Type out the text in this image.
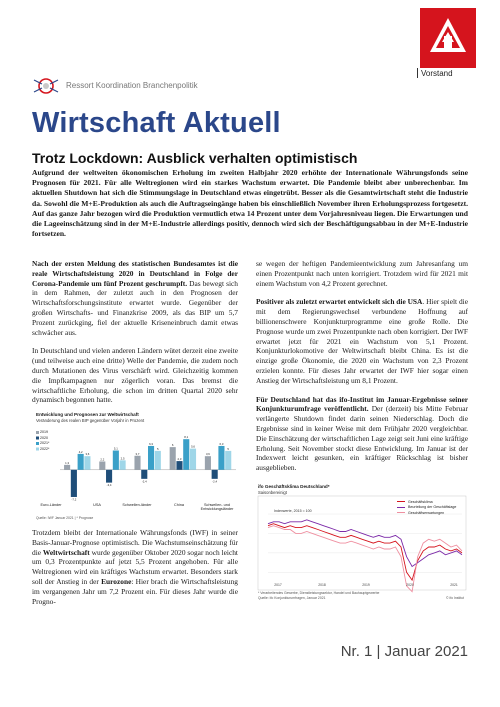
Vorstand
Ressort Koordination Branchenpolitik
Wirtschaft Aktuell
Trotz Lockdown: Ausblick verhalten optimistisch
Aufgrund der weltweiten ökonomischen Erholung im zweiten Halbjahr 2020 erhöhte der Internationale Währungsfonds seine Prognosen für 2021. Für alle Weltregionen wird ein starkes Wachstum erwartet. Die Pandemie bleibt aber unberechenbar. Im aktuellen Shutdown hat sich die Stimmungslage in Deutschland etwas eingetrübt. Besser als die Gesamtwirtschaft steht die Industrie da. Sowohl die M+E-Produktion als auch die Auftragseingänge haben bis einschließlich November ihren Erholungsprozess fortgesetzt. Auf das ganze Jahr bezogen wird die Produktion vermutlich etwa 14 Prozent unter dem Vorjahresniveau liegen. Die Erwartungen und die Lageeinschätzung sind in der M+E-Industrie allerdings positiv, dennoch wird sich der Beschäftigungsabbau in der M+E-Industrie fortsetzen.

Nach der ersten Meldung des statistischen Bundesamtes ist die reale Wirtschaftsleistung 2020 in Deutschland in Folge der Corona-Pandemie um fünf Prozent geschrumpft. Das bewegt sich in dem Rahmen, der zuletzt auch in den Prognosen der Wirtschaftsforschungsinstitute erwartet wurde. Gegenüber der großen Wirtschafts- und Finanzkrise 2009, als das BIP um 5,7 Prozent zurückging, fiel der aktuelle Kriseneinbruch damit etwas schwächer aus.

In Deutschland und vielen anderen Ländern wütet derzeit eine zweite (und teilweise auch eine dritte) Welle der Pandemie, die zudem noch durch Mutationen des Virus verschärft wird. Gleichzeitig kommen die Impfkampagnen nur zögerlich voran. Das bremst die wirtschaftliche Erholung, die schon im dritten Quartal 2020 sehr dynamisch begonnen hatte.

Entwicklung und Prognosen zur Weltwirtschaft
Veränderung des realen BIP gegenüber Vorjahr in Prozent
1,3
2,2
3,7
6
3,6
-7,2
-3,4
-2,4
2,3
-2,4
4,2
5,1
6,3
8,1
6,3
3,6
2,5
5
5,6
5
2019
2020
2021*
2022*
Euro-Länder	USA	Schwellen-länder	China	Schwellen- und Entwicklungsländer
Quelle: IWF Januar 2021 | * Prognose

Trotzdem bleibt der Internationale Währungsfonds (IWF) in seiner Basis-Januar-Prognose optimistisch. Die Wachstumseinschätzung für die Weltwirtschaft wurde gegenüber Oktober 2020 sogar noch leicht um 0,3 Prozentpunkte auf jetzt 5,5 Prozent angehoben. Für alle Weltregionen wird ein kräftiges Wachstum erwartet. Besonders stark soll der Anstieg in der Eurozone: Hier brach die Wirtschaftsleistung im vergangenen Jahr um 7,2 Prozent ein. Für dieses Jahr wurde die Progno-

se wegen der heftigen Pandemieentwicklung zum Jahresanfang um einen Prozentpunkt nach unten korrigiert. Trotzdem wird für 2021 mit einem Wachstum von 4,2 Prozent gerechnet.

Positiver als zuletzt erwartet entwickelt sich die USA. Hier spielt die mit dem Regierungswechsel verbundene Hoffnung auf billionenschwere Konjunkturprogramme eine große Rolle. Die Prognose wurde um zwei Prozentpunkte nach oben korrigiert. Der IWF erwartet jetzt für 2021 ein Wachstum von 5,1 Prozent. Konjunkturlokomotive der Weltwirtschaft bleibt China. Es ist die einzige große Ökonomie, die 2020 ein Wachstum von 2,3 Prozent erzielen konnte. Für dieses Jahr erwartet der IWF hier sogar einen Anstieg der Wirtschaftsleistung um 8,1 Prozent.

Für Deutschland hat das ifo-Institut im Januar-Ergebnisse seiner Konjunkturumfrage veröffentlicht. Der (derzeit) bis Mitte Februar verlängerte Shutdown findet darin seinen Niederschlag. Doch die Ergebnisse sind in keiner Weise mit dem Frühjahr 2020 vergleichbar. Die Einschätzung der wirtschaftlichen Lage zeigt seit Juni eine kräftige Erholung. Seit November stockt diese Entwicklung. Im Januar ist der Indexwert leicht gesunken, ein kräftiger Rückschlag ist bisher ausgeblieben.

ifo Geschäftsklima Deutschland*
Saisonbereinigt
2017	2018	2019	2020	2021
Indexwerte, 2015 = 100
Geschäftsklima
Beurteilung der Geschäftslage
Geschäftserwartungen
* Verarbeitendes Gewerbe, Dienstleistungssektor, Handel und Bauhauptgewerbe
Quelle: ifo Konjunkturumfragen, Januar 2021	© ifo Institut
Nr. 1 | Januar 2021
